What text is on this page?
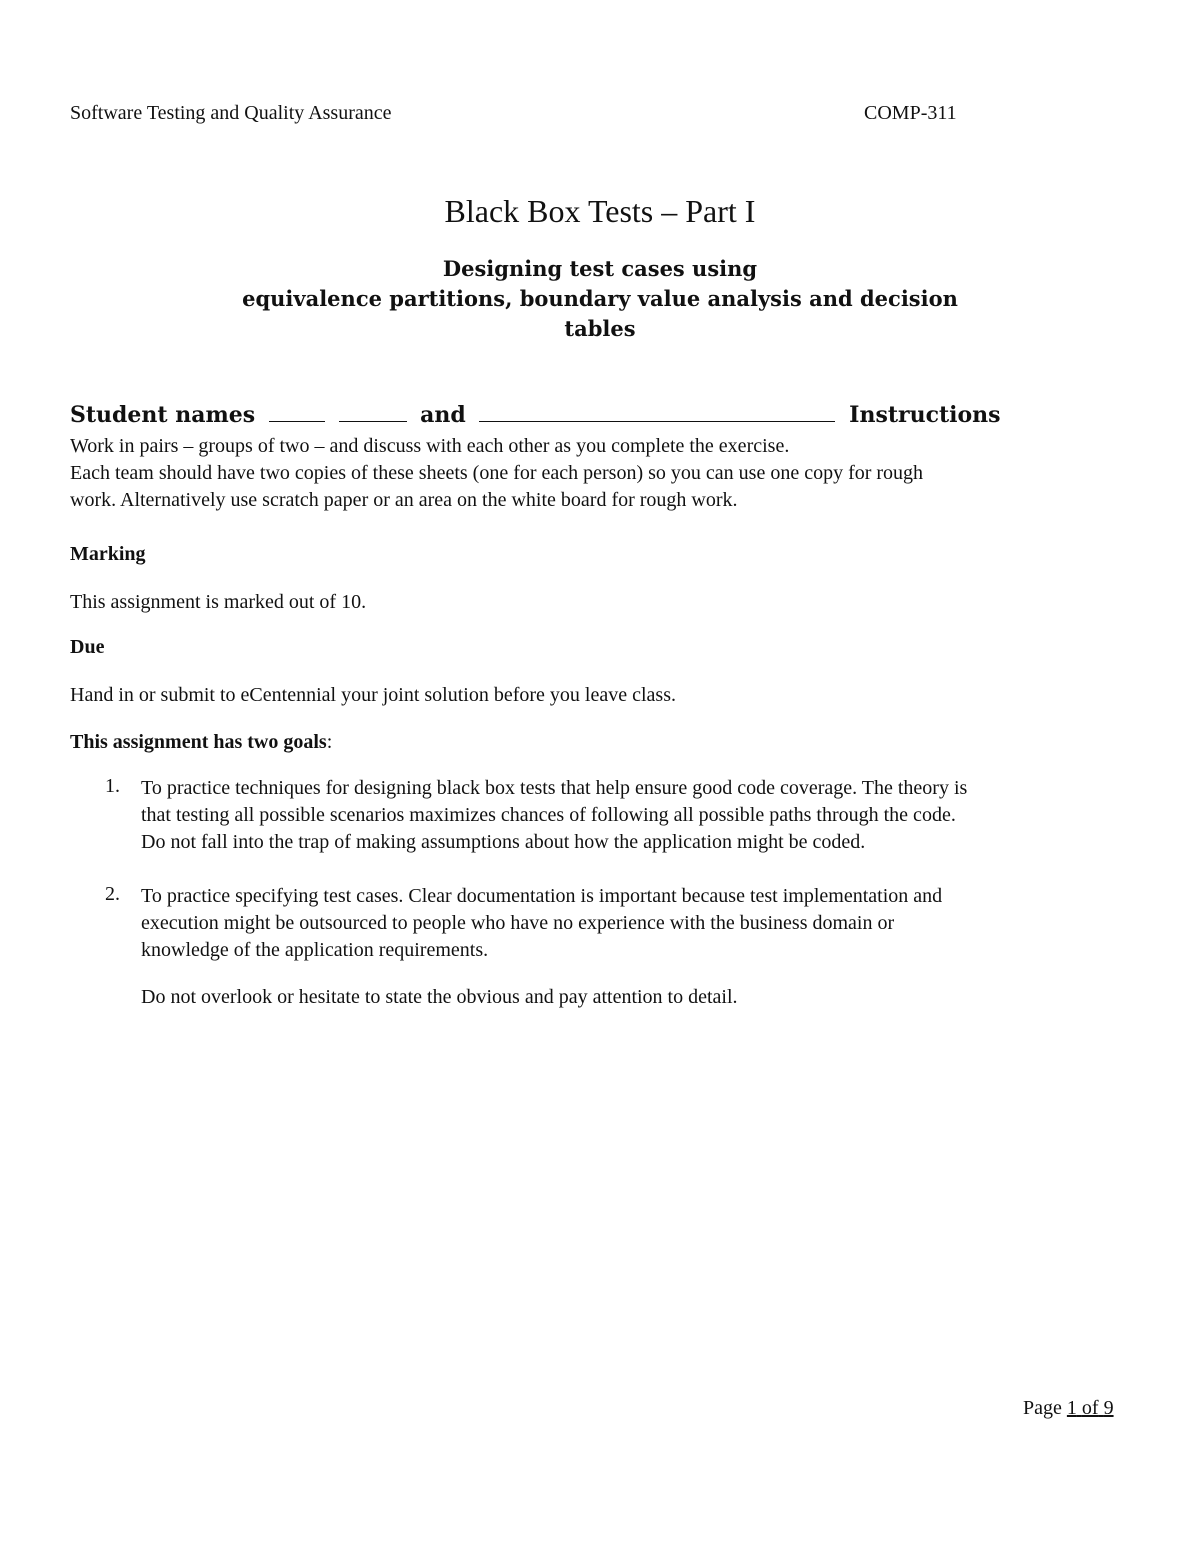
Software Testing and Quality Assurance	COMP-311
Black Box Tests – Part I
Designing test cases using
equivalence partitions, boundary value analysis and decision
tables
Student names	and	Instructions
Work in pairs – groups of two – and discuss with each other as you complete the exercise.
Each team should have two copies of these sheets (one for each person) so you can use one copy for rough
work. Alternatively use scratch paper or an area on the white board for rough work.
Marking
This assignment is marked out of 10.
Due
Hand in or submit to eCentennial your joint solution before you leave class.
This assignment has two goals:
1. To practice techniques for designing black box tests that help ensure good code coverage. The theory is
that testing all possible scenarios maximizes chances of following all possible paths through the code.
Do not fall into the trap of making assumptions about how the application might be coded.
2. To practice specifying test cases. Clear documentation is important because test implementation and
execution might be outsourced to people who have no experience with the business domain or
knowledge of the application requirements.
Do not overlook or hesitate to state the obvious and pay attention to detail.
Page 1 of 9
